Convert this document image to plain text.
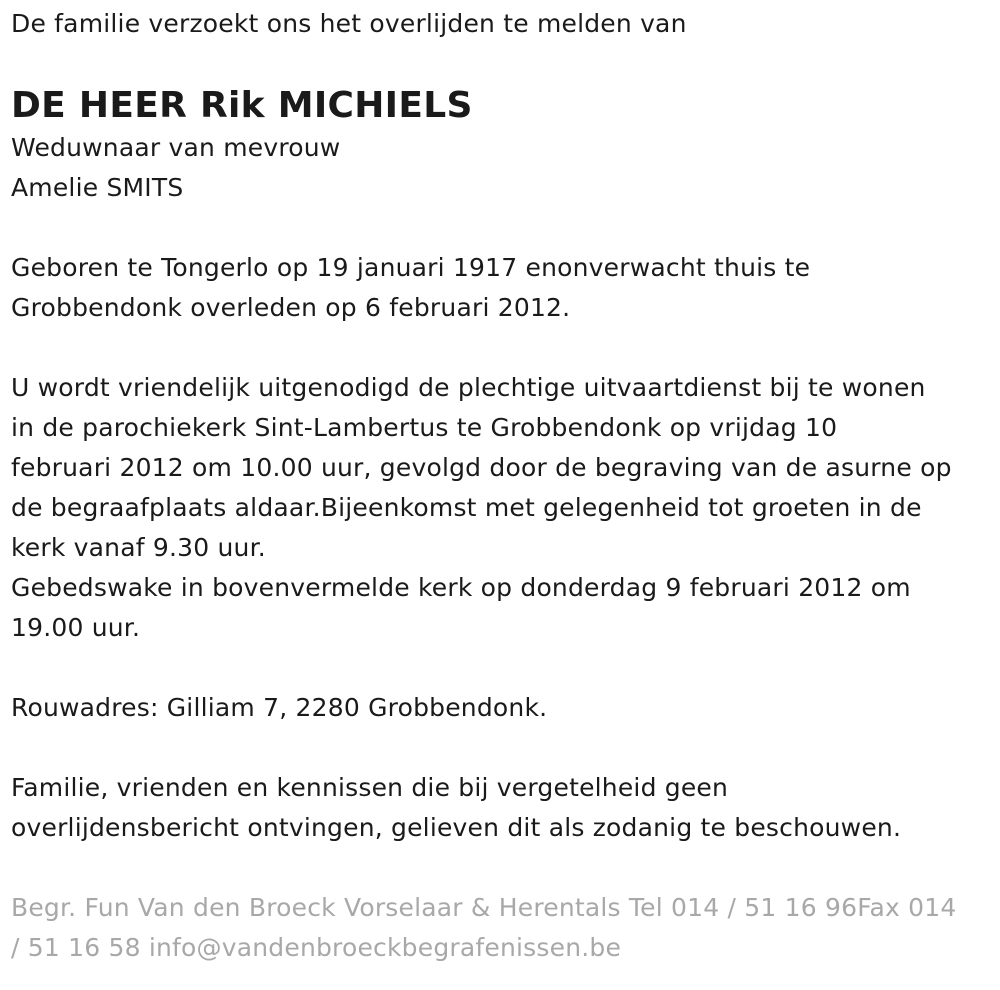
De familie verzoekt ons het overlijden te melden van
DE HEER Rik MICHIELS
Weduwnaar van mevrouw
Amelie SMITS
Geboren te Tongerlo op 19 januari 1917 enonverwacht thuis te
Grobbendonk overleden op 6 februari 2012.
U wordt vriendelijk uitgenodigd de plechtige uitvaartdienst bij te wonen
in de parochiekerk Sint-Lambertus te Grobbendonk op vrijdag 10
februari 2012 om 10.00 uur, gevolgd door de begraving van de asurne op
de begraafplaats aldaar.Bijeenkomst met gelegenheid tot groeten in de
kerk vanaf 9.30 uur.
Gebedswake in bovenvermelde kerk op donderdag 9 februari 2012 om
19.00 uur.
Rouwadres: Gilliam 7, 2280 Grobbendonk.
Familie, vrienden en kennissen die bij vergetelheid geen
overlijdensbericht ontvingen, gelieven dit als zodanig te beschouwen.
Begr. Fun Van den Broeck Vorselaar & Herentals Tel 014 / 51 16 96Fax 014
/ 51 16 58 info@vandenbroeckbegrafenissen.be
